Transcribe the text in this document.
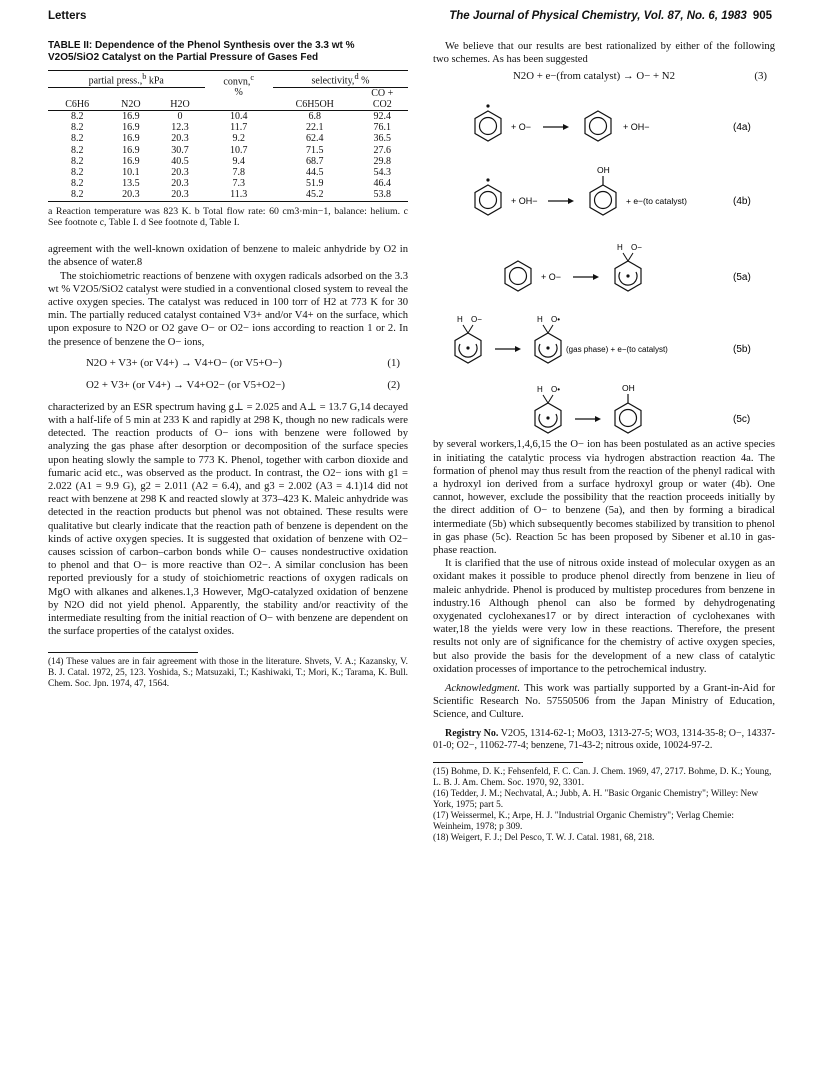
Letters	The Journal of Physical Chemistry, Vol. 87, No. 6, 1983 905
TABLE II: Dependence of the Phenol Synthesis over the 3.3 wt % V2O5/SiO2 Catalyst on the Partial Pressure of Gases Fed
partial press.,$^b$ kPa			convn,$^c$	selectivity,$^d$ %	
			%		CO +
C6H6	N2O	H2O		C6H5OH	CO2
8.2	16.9	0	10.4	6.8	92.4
8.2	16.9	12.3	11.7	22.1	76.1
8.2	16.9	20.3	9.2	62.4	36.5
8.2	16.9	30.7	10.7	71.5	27.6
8.2	16.9	40.5	9.4	68.7	29.8
8.2	10.1	20.3	7.8	44.5	54.3
8.2	13.5	20.3	7.3	51.9	46.4
8.2	20.3	20.3	11.3	45.2	53.8
a Reaction temperature was 823 K. b Total flow rate: 60 cm3·min−1, balance: helium. c See footnote c, Table I. d See footnote d, Table I.

agreement with the well-known oxidation of benzene to maleic anhydride by O2 in the absence of water.8

The stoichiometric reactions of benzene with oxygen radicals adsorbed on the 3.3 wt % V2O5/SiO2 catalyst were studied in a conventional closed system to reveal the active oxygen species. The catalyst was reduced in 100 torr of H2 at 773 K for 30 min. The partially reduced catalyst contained V3+ and/or V4+ on the surface, which upon exposure to N2O or O2 gave O− or O2− ions according to reaction 1 or 2. In the presence of benzene the O− ions,

N2O + V3+ (or V4+) → V4+O− (or V5+O−)	(1)
O2 + V3+ (or V4+) → V4+O2− (or V5+O2−)	(2)

characterized by an ESR spectrum having g⊥ = 2.025 and A⊥ = 13.7 G,14 decayed with a half-life of 5 min at 233 K and rapidly at 298 K, though no new radicals were detected. The reaction products of O− ions with benzene were followed by analyzing the gas phase after desorption or decomposition of the surface species upon heating slowly the sample to 773 K. Phenol, together with carbon dioxide and fumaric acid etc., was observed as the product. In contrast, the O2− ions with g1 = 2.022 (A1 = 9.9 G), g2 = 2.011 (A2 = 6.4), and g3 = 2.002 (A3 = 4.1)14 did not react with benzene at 298 K and reacted slowly at 373–423 K. Maleic anhydride was detected in the reaction products but phenol was not obtained. These results were qualitative but clearly indicate that the reaction path of benzene is dependent on the kinds of active oxygen species. It is suggested that oxidation of benzene with O2− causes scission of carbon–carbon bonds while O− causes nondestructive oxidation to phenol and that O− is more reactive than O2−. A similar conclusion has been reported previously for a study of stoichiometric reactions of oxygen radicals on MgO with alkanes and alkenes.1,3 However, MgO-catalyzed oxidation of benzene by N2O did not yield phenol. Apparently, the stability and/or reactivity of the intermediate resulting from the initial reaction of O− with benzene are dependent on the surface properties of the catalyst oxides.

(14) These values are in fair agreement with those in the literature. Shvets, V. A.; Kazansky, V. B. J. Catal. 1972, 25, 123. Yoshida, S.; Matsuzaki, T.; Kashiwaki, T.; Mori, K.; Tarama, K. Bull. Chem. Soc. Jpn. 1974, 47, 1564.

We believe that our results are best rationalized by either of the following two schemes. As has been suggested

N2O + e−(from catalyst) → O− + N2	(3)
+ O−	+ OH−	(4a)
+ OH−
OH
+ e−(to catalyst)	(4b)
+ O−
H O−
(5a)
H O−	H O•
(gas phase) + e−(to catalyst)	(5b)
H O•	OH
(5c)

by several workers,1,4,6,15 the O− ion has been postulated as an active species in initiating the catalytic process via hydrogen abstraction reaction 4a. The formation of phenol may thus result from the reaction of the phenyl radical with a hydroxyl ion derived from a surface hydroxyl group or water (4b). One cannot, however, exclude the possibility that the reaction proceeds initially by the direct addition of O− to benzene (5a), and then by forming a biradical intermediate (5b) which subsequently becomes stabilized by transition to phenol in gas phase (5c). Reaction 5c has been proposed by Sibener et al.10 in gas-phase reaction.

It is clarified that the use of nitrous oxide instead of molecular oxygen as an oxidant makes it possible to produce phenol directly from benzene in lieu of maleic anhydride. Phenol is produced by multistep procedures from benzene in industry.16 Although phenol can also be formed by dehydrogenating oxygenated cyclohexanes17 or by direct interaction of cyclohexanes with water,18 the yields were very low in these reactions. Therefore, the present results not only are of significance for the chemistry of active oxygen species, but also provide the basis for the development of a new class of catalytic oxidation processes of importance to the petrochemical industry.

Acknowledgment. This work was partially supported by a Grant-in-Aid for Scientific Research No. 57550506 from the Japan Ministry of Education, Science, and Culture.

Registry No. V2O5, 1314-62-1; MoO3, 1313-27-5; WO3, 1314-35-8; O−, 14337-01-0; O2−, 11062-77-4; benzene, 71-43-2; nitrous oxide, 10024-97-2.

(15) Bohme, D. K.; Fehsenfeld, F. C. Can. J. Chem. 1969, 47, 2717. Bohme, D. K.; Young, L. B. J. Am. Chem. Soc. 1970, 92, 3301.
(16) Tedder, J. M.; Nechvatal, A.; Jubb, A. H. "Basic Organic Chemistry"; Willey: New York, 1975; part 5.
(17) Weissermel, K.; Arpe, H. J. "Industrial Organic Chemistry"; Verlag Chemie: Weinheim, 1978; p 309.
(18) Weigert, F. J.; Del Pesco, T. W. J. Catal. 1981, 68, 218.
